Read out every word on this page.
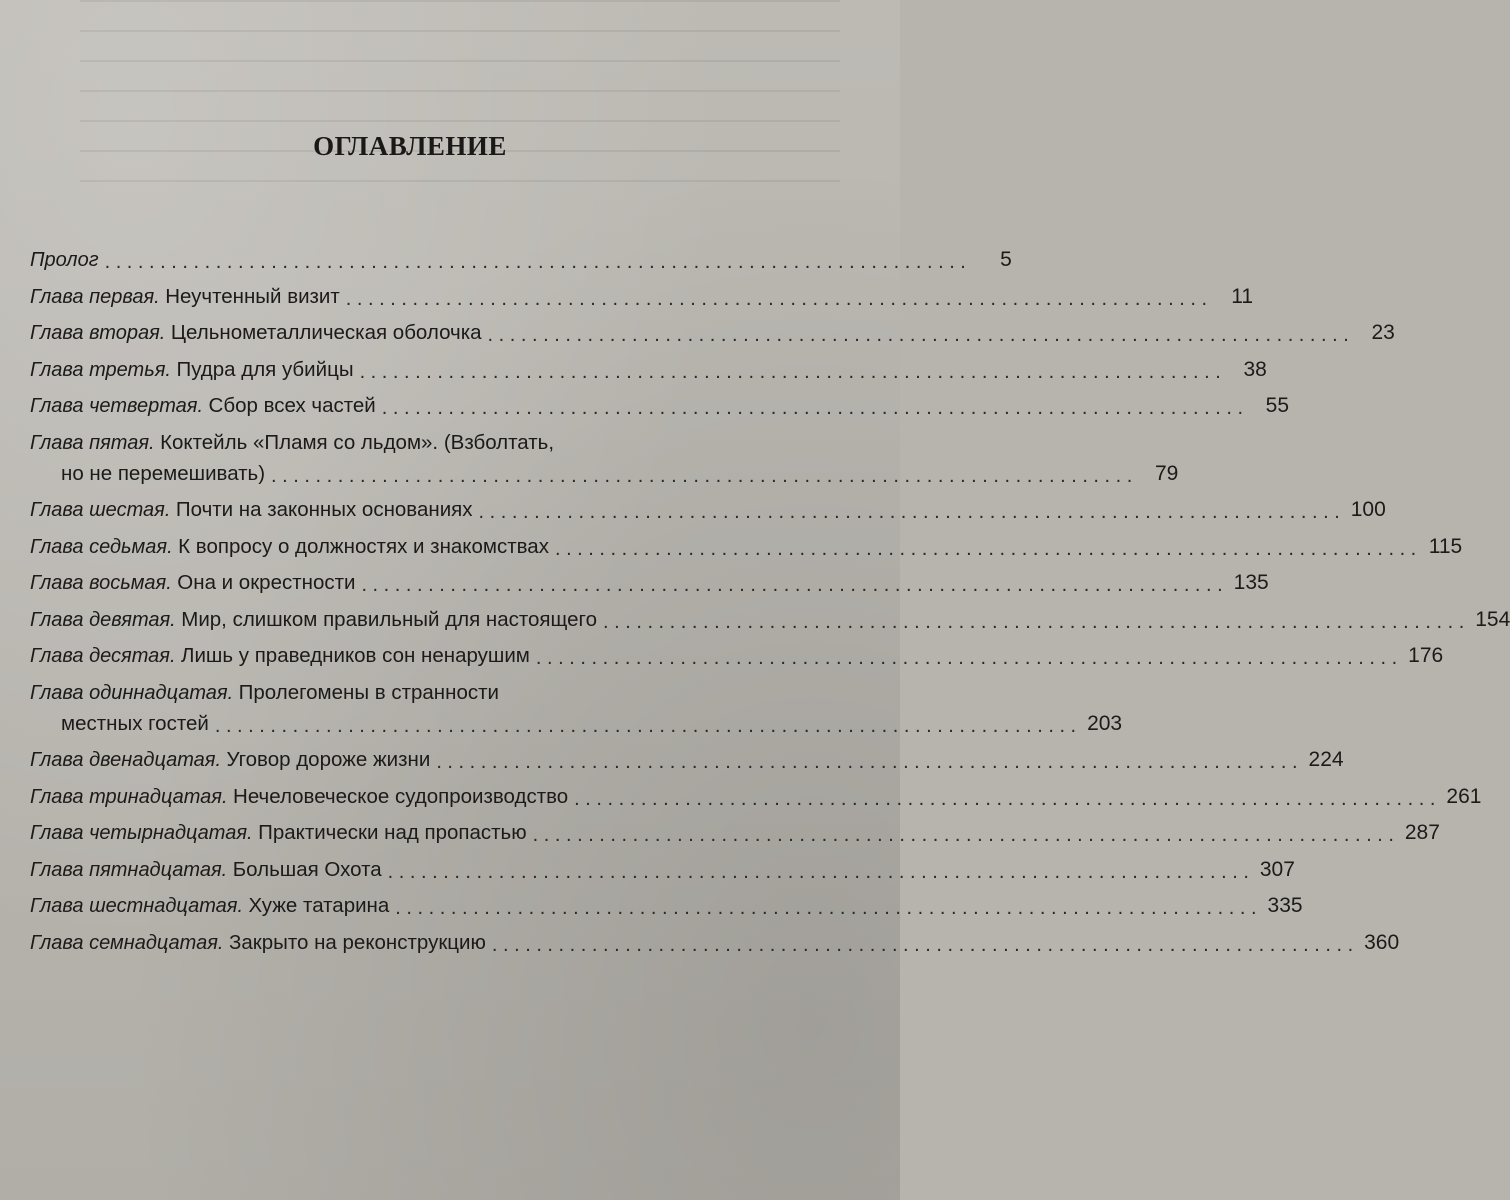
ОГЛАВЛЕНИЕ
Пролог . . .	5
Глава первая. Неучтенный визит . . .	11
Глава вторая. Цельнометаллическая оболочка . . .	23
Глава третья. Пудра для убийцы . . .	38
Глава четвертая. Сбор всех частей . . .	55
Глава пятая. Коктейль «Пламя со льдом». (Взболтать,
но не перемешивать) . . .	79
Глава шестая. Почти на законных основаниях . . .	100
Глава седьмая. К вопросу о должностях и знакомствах . . .	115
Глава восьмая. Она и окрестности . . .	135
Глава девятая. Мир, слишком правильный для настоящего . . .	154
Глава десятая. Лишь у праведников сон ненарушим . . .	176
Глава одиннадцатая. Пролегомены в странности
местных гостей . . .	203
Глава двенадцатая. Уговор дороже жизни . . .	224
Глава тринадцатая. Нечеловеческое судопроизводство . . .	261
Глава четырнадцатая. Практически над пропастью . . .	287
Глава пятнадцатая. Большая Охота . . .	307
Глава шестнадцатая. Хуже татарина . . .	335
Глава семнадцатая. Закрыто на реконструкцию . . .	360
